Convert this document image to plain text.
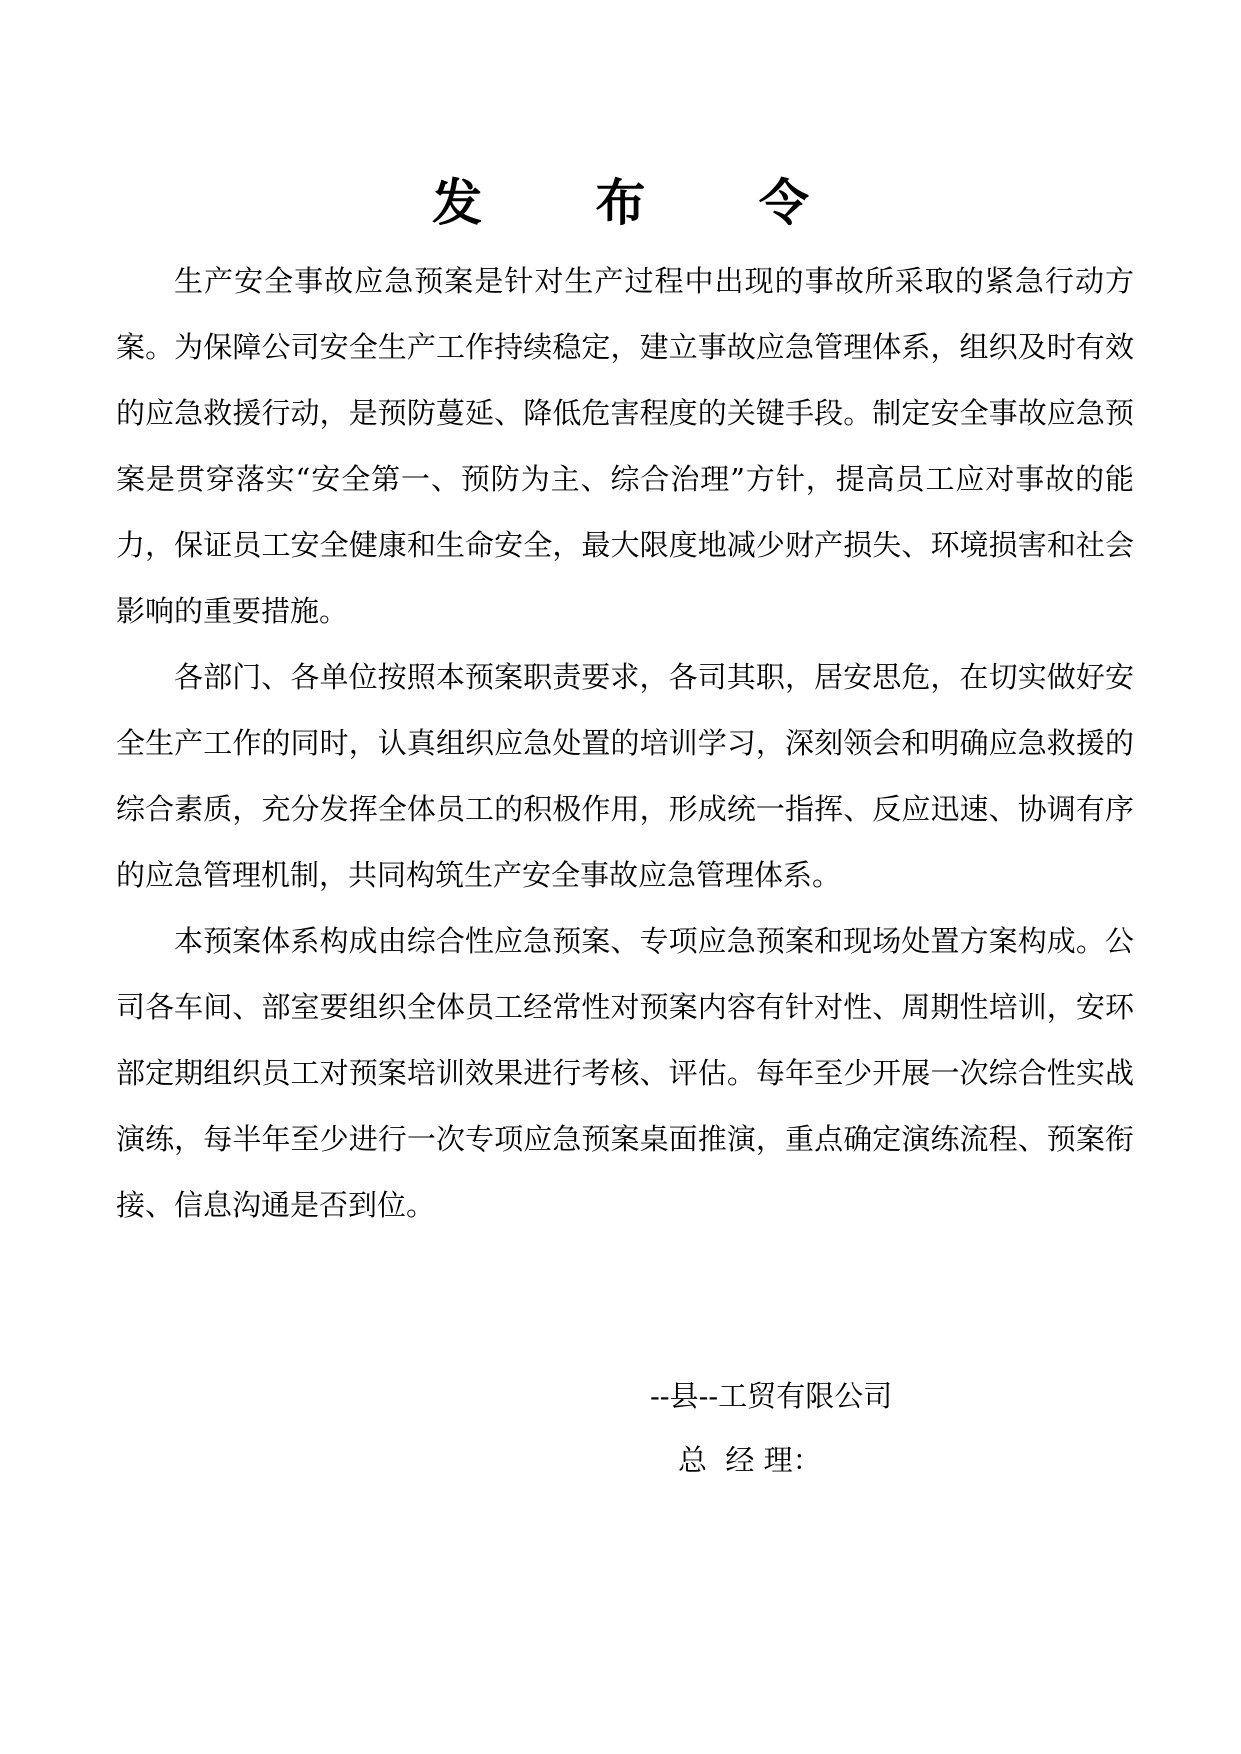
发 布 令

生产安全事故应急预案是针对生产过程中出现的事故所采取的紧急行动方案。为保障公司安全生产工作持续稳定，建立事故应急管理体系，组织及时有效的应急救援行动，是预防蔓延、降低危害程度的关键手段。制定安全事故应急预案是贯穿落实“安全第一、预防为主、综合治理”方针，提高员工应对事故的能力，保证员工安全健康和生命安全，最大限度地减少财产损失、环境损害和社会影响的重要措施。

各部门、各单位按照本预案职责要求，各司其职，居安思危，在切实做好安全生产工作的同时，认真组织应急处置的培训学习，深刻领会和明确应急救援的综合素质，充分发挥全体员工的积极作用，形成统一指挥、反应迅速、协调有序的应急管理机制，共同构筑生产安全事故应急管理体系。

本预案体系构成由综合性应急预案、专项应急预案和现场处置方案构成。公司各车间、部室要组织全体员工经常性对预案内容有针对性、周期性培训，安环部定期组织员工对预案培训效果进行考核、评估。每年至少开展一次综合性实战演练，每半年至少进行一次专项应急预案桌面推演，重点确定演练流程、预案衔接、信息沟通是否到位。

--县--工贸有限公司
总  经 理：
